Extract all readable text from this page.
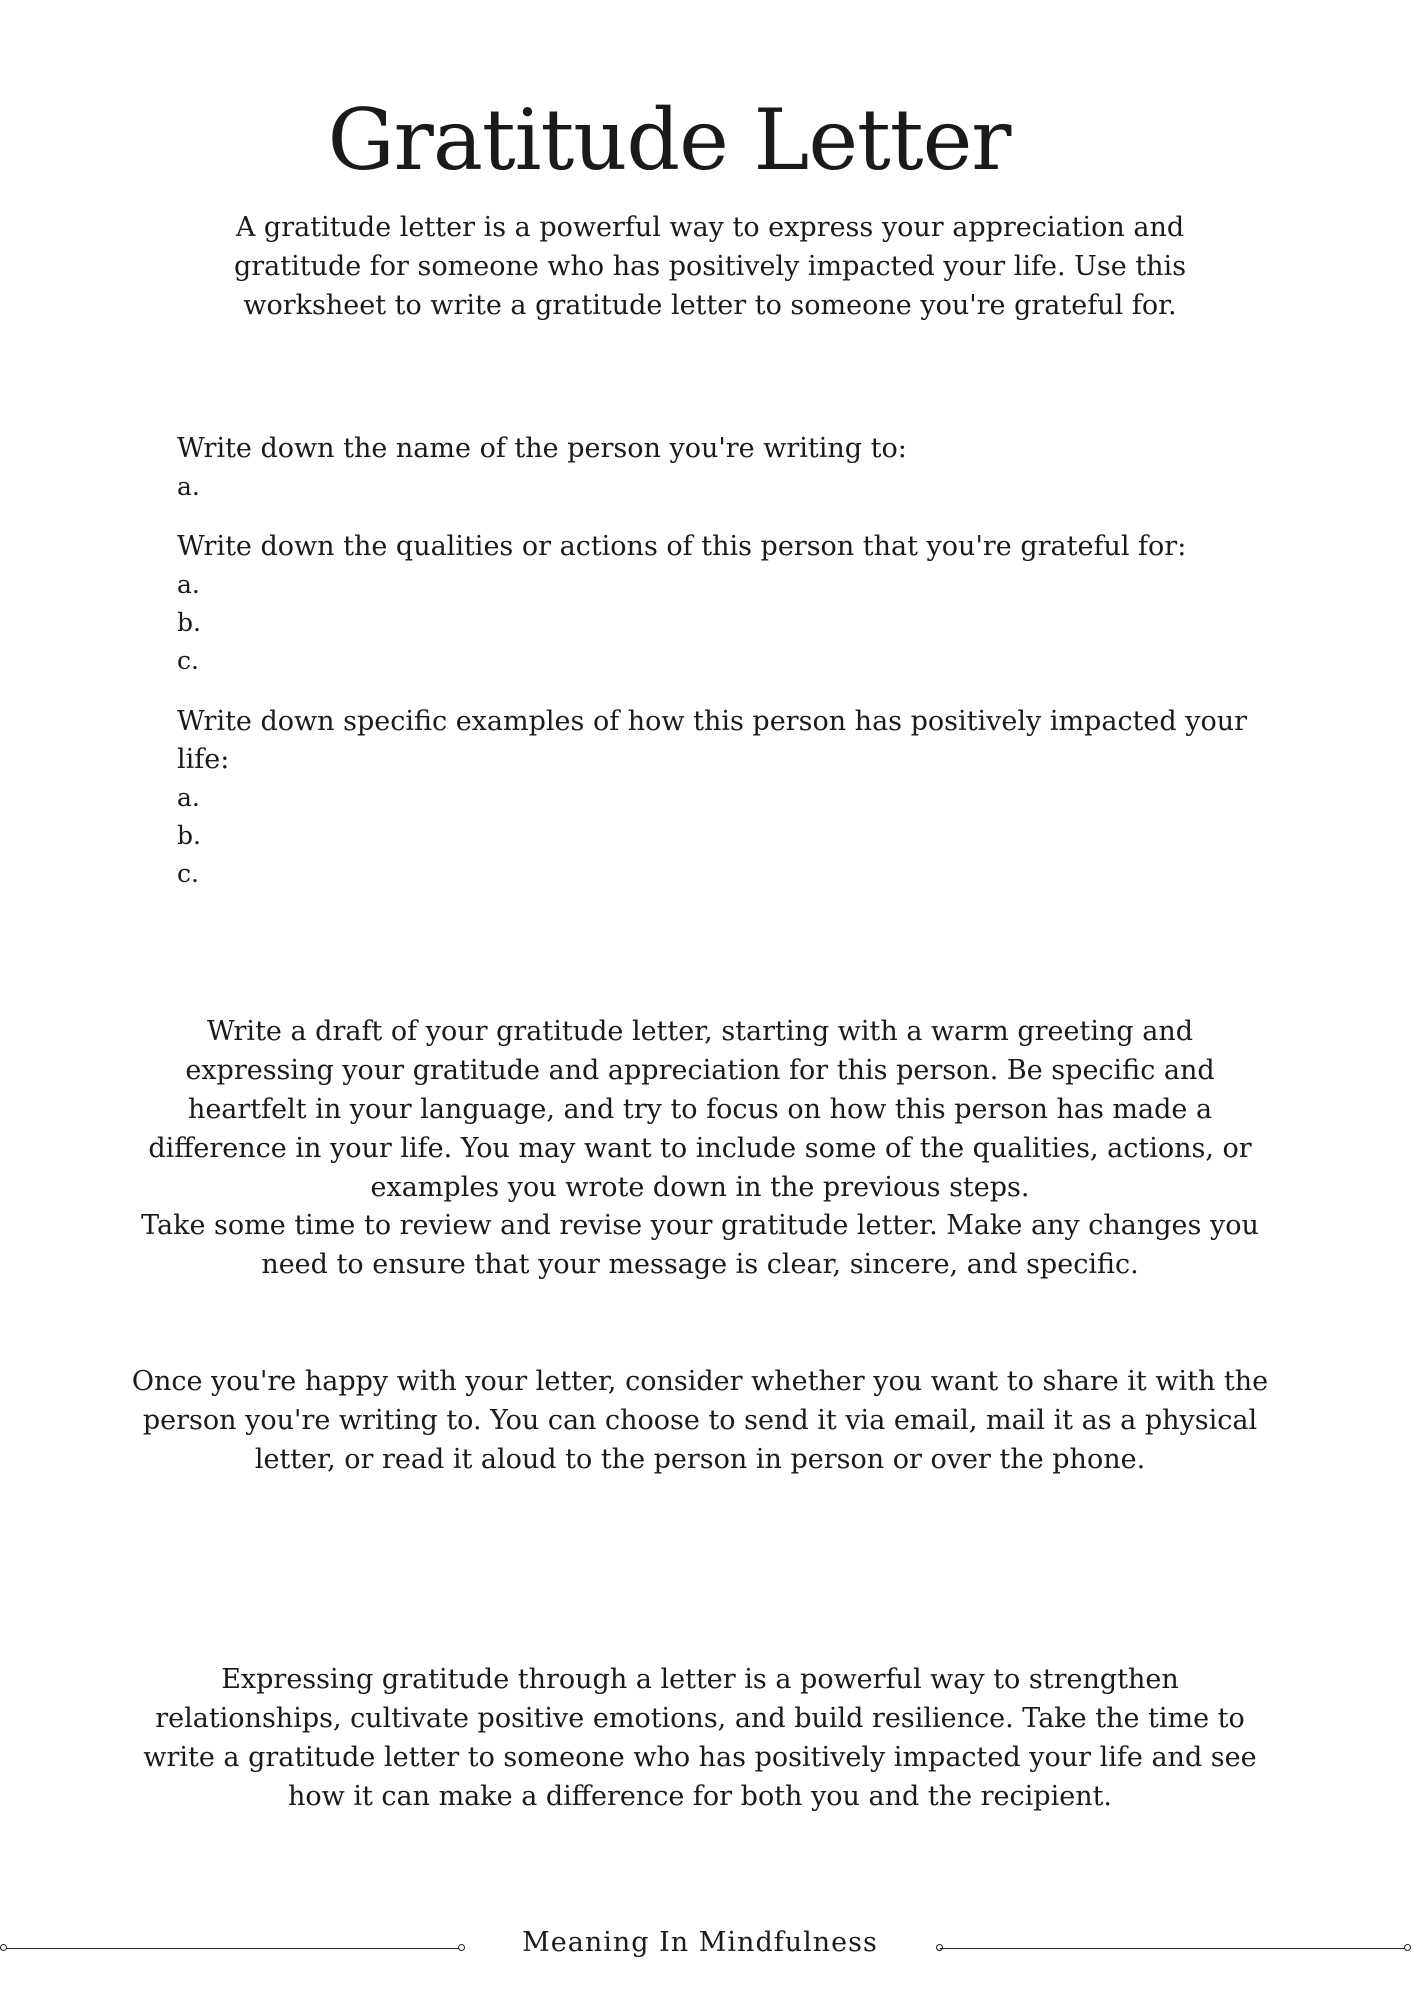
Gratitude Letter

A gratitude letter is a powerful way to express your appreciation and gratitude for someone who has positively impacted your life. Use this worksheet to write a gratitude letter to someone you're grateful for.

Write down the name of the person you're writing to:

a.

Write down the qualities or actions of this person that you're grateful for:

a.
b.
c.

Write down specific examples of how this person has positively impacted your life:

a.
b.
c.

Write a draft of your gratitude letter, starting with a warm greeting and expressing your gratitude and appreciation for this person. Be specific and heartfelt in your language, and try to focus on how this person has made a difference in your life. You may want to include some of the qualities, actions, or examples you wrote down in the previous steps.

Take some time to review and revise your gratitude letter. Make any changes you need to ensure that your message is clear, sincere, and specific.

Once you're happy with your letter, consider whether you want to share it with the person you're writing to. You can choose to send it via email, mail it as a physical letter, or read it aloud to the person in person or over the phone.

Expressing gratitude through a letter is a powerful way to strengthen relationships, cultivate positive emotions, and build resilience. Take the time to write a gratitude letter to someone who has positively impacted your life and see how it can make a difference for both you and the recipient.

Meaning In Mindfulness
